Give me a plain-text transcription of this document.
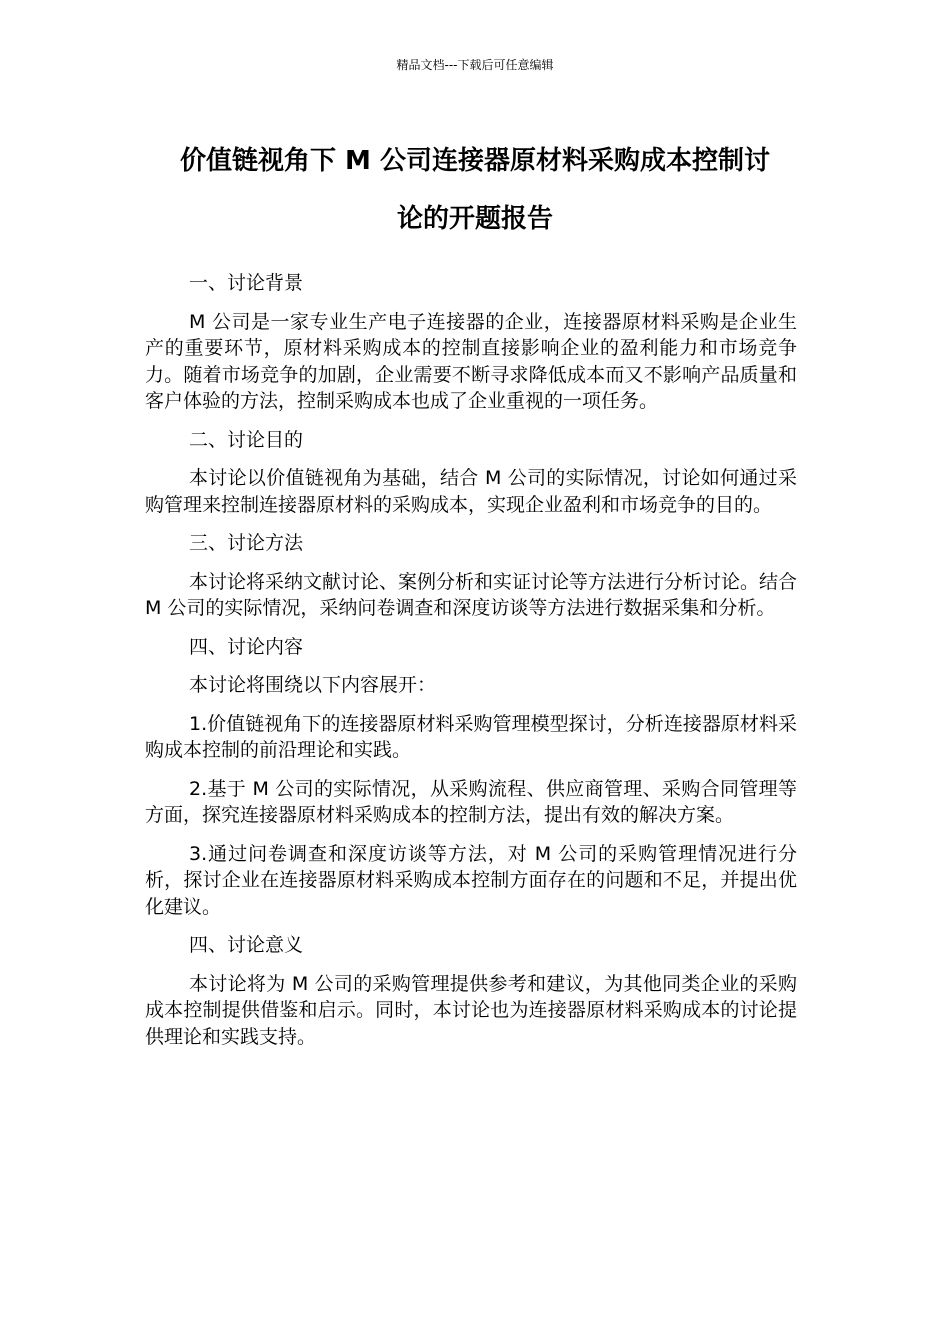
精品文档---下载后可任意编辑
价值链视角下 M 公司连接器原材料采购成本控制讨
论的开题报告

一、讨论背景

M 公司是一家专业生产电子连接器的企业，连接器原材料采购是企业生产的重要环节，原材料采购成本的控制直接影响企业的盈利能力和市场竞争力。随着市场竞争的加剧，企业需要不断寻求降低成本而又不影响产品质量和客户体验的方法，控制采购成本也成了企业重视的一项任务。

二、讨论目的

本讨论以价值链视角为基础，结合 M 公司的实际情况，讨论如何通过采购管理来控制连接器原材料的采购成本，实现企业盈利和市场竞争的目的。

三、讨论方法

本讨论将采纳文献讨论、案例分析和实证讨论等方法进行分析讨论。结合 M 公司的实际情况，采纳问卷调查和深度访谈等方法进行数据采集和分析。

四、讨论内容

本讨论将围绕以下内容展开：

1.价值链视角下的连接器原材料采购管理模型探讨，分析连接器原材料采购成本控制的前沿理论和实践。

2.基于 M 公司的实际情况，从采购流程、供应商管理、采购合同管理等方面，探究连接器原材料采购成本的控制方法，提出有效的解决方案。

3.通过问卷调查和深度访谈等方法，对 M 公司的采购管理情况进行分析，探讨企业在连接器原材料采购成本控制方面存在的问题和不足，并提出优化建议。

四、讨论意义

本讨论将为 M 公司的采购管理提供参考和建议，为其他同类企业的采购成本控制提供借鉴和启示。同时，本讨论也为连接器原材料采购成本的讨论提供理论和实践支持。
